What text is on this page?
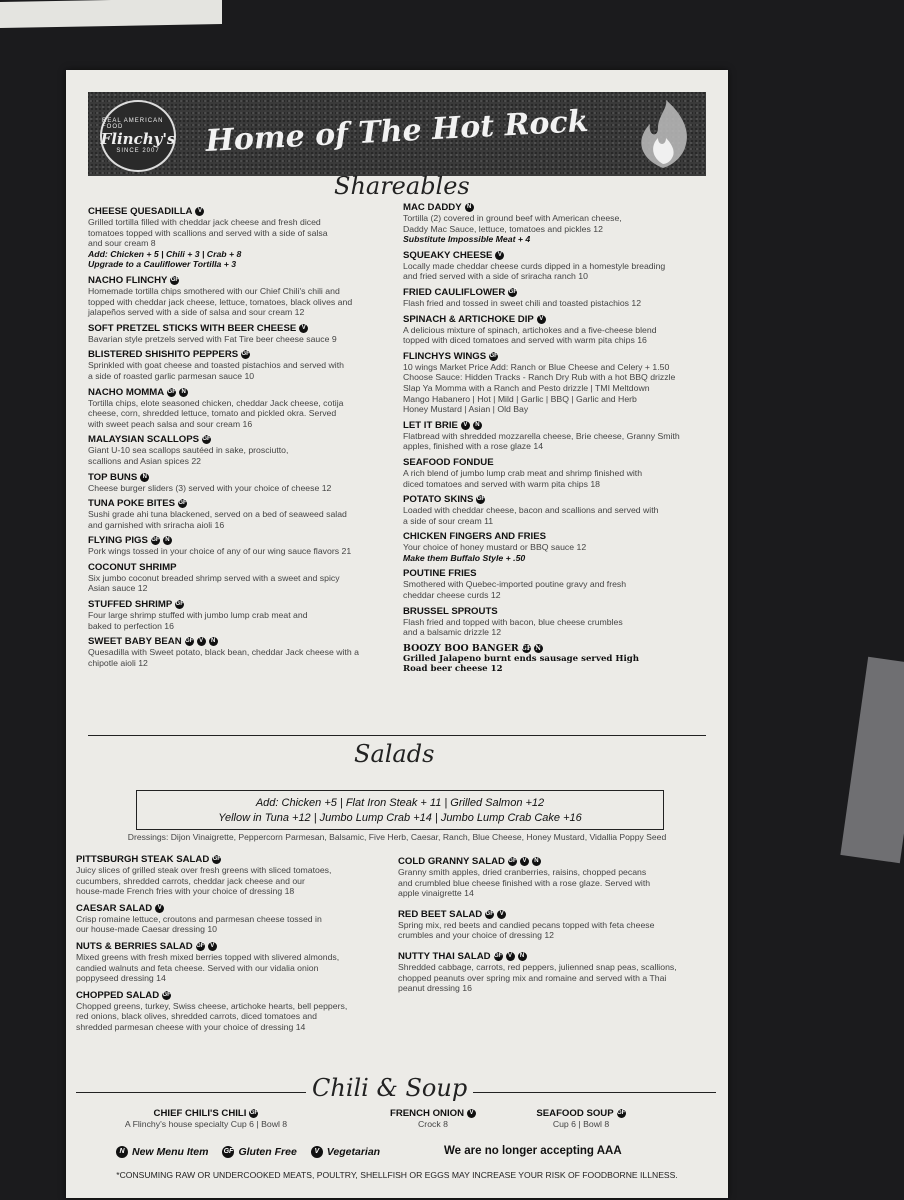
REAL AMERICAN FOOD
Flinchy's
SINCE 2007	Home of The Hot Rock
Shareables
CHEESE QUESADILLA V
Grilled tortilla filled with cheddar jack cheese and fresh diced
tomatoes topped with scallions and served with a side of salsa
and sour cream 8
Add: Chicken + 5 | Chili + 3 | Crab + 8
Upgrade to a Cauliflower Tortilla + 3
NACHO FLINCHY GF
Homemade tortilla chips smothered with our Chief Chili's chili and
topped with cheddar jack cheese, lettuce, tomatoes, black olives and
jalapeños served with a side of salsa and sour cream 12
SOFT PRETZEL STICKS WITH BEER CHEESE V
Bavarian style pretzels served with Fat Tire beer cheese sauce 9
BLISTERED SHISHITO PEPPERS GF
Sprinkled with goat cheese and toasted pistachios and served with
a side of roasted garlic parmesan sauce 10
NACHO MOMMA GF N
Tortilla chips, elote seasoned chicken, cheddar Jack cheese, cotija
cheese, corn, shredded lettuce, tomato and pickled okra. Served
with sweet peach salsa and sour cream 16
MALAYSIAN SCALLOPS GF
Giant U-10 sea scallops sautéed in sake, prosciutto,
scallions and Asian spices 22
TOP BUNS N
Cheese burger sliders (3) served with your choice of cheese 12
TUNA POKE BITES GF
Sushi grade ahi tuna blackened, served on a bed of seaweed salad
and garnished with sriracha aioli 16
FLYING PIGS GF N
Pork wings tossed in your choice of any of our wing sauce flavors 21
COCONUT SHRIMP
Six jumbo coconut breaded shrimp served with a sweet and spicy
Asian sauce 12
STUFFED SHRIMP GF
Four large shrimp stuffed with jumbo lump crab meat and
baked to perfection 16
SWEET BABY BEAN GF V	N
Quesadilla with Sweet potato, black bean, cheddar Jack cheese with a
chipotle aioli 12
MAC DADDY N
Tortilla (2) covered in ground beef with American cheese,
Daddy Mac Sauce, lettuce, tomatoes and pickles 12
Substitute Impossible Meat + 4
SQUEAKY CHEESE V
Locally made cheddar cheese curds dipped in a homestyle breading
and fried served with a side of sriracha ranch 10
FRIED CAULIFLOWER GF
Flash fried and tossed in sweet chili and toasted pistachios 12
SPINACH & ARTICHOKE DIP V
A delicious mixture of spinach, artichokes and a five-cheese blend
topped with diced tomatoes and served with warm pita chips 16
FLINCHYS WINGS GF
10 wings Market Price Add: Ranch or Blue Cheese and Celery + 1.50
Choose Sauce: Hidden Tracks - Ranch Dry Rub with a hot BBQ drizzle
Slap Ya Momma with a Ranch and Pesto drizzle | TMI Meltdown
Mango Habanero | Hot | Mild | Garlic | BBQ | Garlic and Herb
Honey Mustard | Asian | Old Bay
LET IT BRIE V	N
Flatbread with shredded mozzarella cheese, Brie cheese, Granny Smith
apples, finished with a rose glaze 14
SEAFOOD FONDUE
A rich blend of jumbo lump crab meat and shrimp finished with
diced tomatoes and served with warm pita chips 18
POTATO SKINS GF
Loaded with cheddar cheese, bacon and scallions and served with
a side of sour cream 11
CHICKEN FINGERS AND FRIES
Your choice of honey mustard or BBQ sauce 12
Make them Buffalo Style + .50
POUTINE FRIES
Smothered with Quebec-imported poutine gravy and fresh
cheddar cheese curds 12
BRUSSEL SPROUTS
Flash fried and topped with bacon, blue cheese crumbles
and a balsamic drizzle 12
BOOZY BOO BANGER GF N
Grilled Jalapeno burnt ends sausage served High
Road beer cheese 12
Salads
Add: Chicken +5 | Flat Iron Steak + 11 | Grilled Salmon +12
Yellow in Tuna +12 | Jumbo Lump Crab +14 | Jumbo Lump Crab Cake +16
Dressings: Dijon Vinaigrette, Peppercorn Parmesan, Balsamic, Five Herb, Caesar, Ranch, Blue Cheese, Honey Mustard, Vidallia Poppy Seed
PITTSBURGH STEAK SALAD GF
Juicy slices of grilled steak over fresh greens with sliced tomatoes,
cucumbers, shredded carrots, cheddar jack cheese and our
house-made French fries with your choice of dressing 18
CAESAR SALAD V
Crisp romaine lettuce, croutons and parmesan cheese tossed in
our house-made Caesar dressing 10
NUTS & BERRIES SALAD GF V
Mixed greens with fresh mixed berries topped with slivered almonds,
candied walnuts and feta cheese. Served with our vidalia onion
poppyseed dressing 14
CHOPPED SALAD GF
Chopped greens, turkey, Swiss cheese, artichoke hearts, bell peppers,
red onions, black olives, shredded carrots, diced tomatoes and
shredded parmesan cheese with your choice of dressing 14
COLD GRANNY SALAD GF V	N
Granny smith apples, dried cranberries, raisins, chopped pecans
and crumbled blue cheese finished with a rose glaze. Served with
apple vinaigrette 14
RED BEET SALAD GF V
Spring mix, red beets and candied pecans topped with feta cheese
crumbles and your choice of dressing 12
NUTTY THAI SALAD GF V	N
Shredded cabbage, carrots, red peppers, julienned snap peas, scallions,
chopped peanuts over spring mix and romaine and served with a Thai
peanut dressing 16
Chili & Soup
CHIEF CHILI'S CHILI GF
A Flinchy's house specialty Cup 6 | Bowl 8
FRENCH ONION V
Crock 8
SEAFOOD SOUP GF
Cup 6 | Bowl 8
N New Menu Item GF Gluten Free	V Vegetarian	We are no longer accepting AAA
*CONSUMING RAW OR UNDERCOOKED MEATS, POULTRY, SHELLFISH OR EGGS MAY INCREASE YOUR RISK OF FOODBORNE ILLNESS.
